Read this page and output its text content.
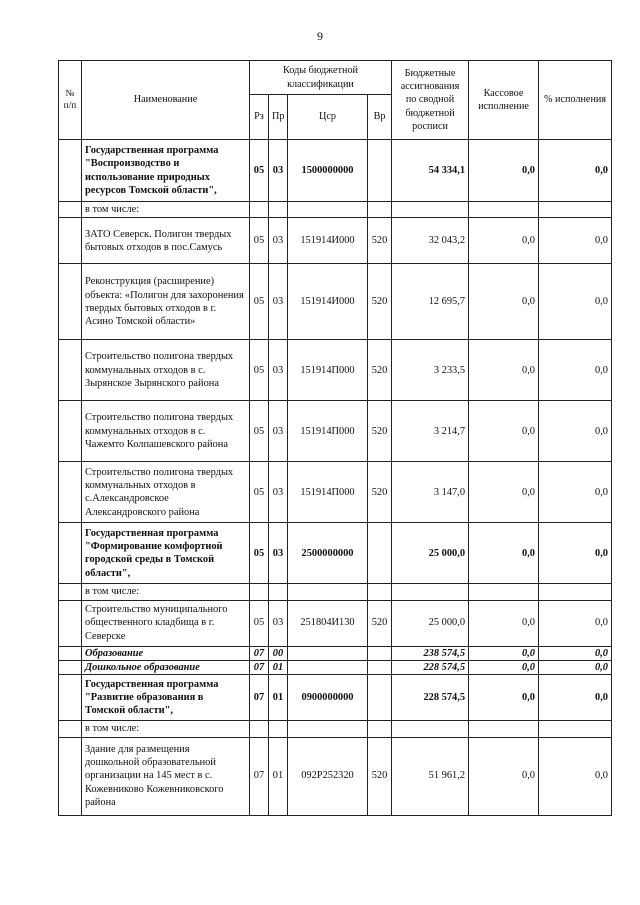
9
№ п/п	Наименование	Коды бюджетной классификации				Бюджетные ассигнования по сводной бюджетной росписи	Кассовое исполнение	% исполнения
		Рз	Пр	Цср	Вр			
	Государственная программа "Воспроизводство и использование природных ресурсов Томской области",	05	03	1500000000		54 334,1	0,0	0,0
	в том числе:							
	ЗАТО Северск. Полигон твердых бытовых отходов в пос.Самусь	05	03	151914И000	520	32 043,2	0,0	0,0
	Реконструкция (расширение) объекта: «Полигон для захоронения твердых бытовых отходов в г. Асино Томской области»	05	03	151914И000	520	12 695,7	0,0	0,0
	Строительство полигона твердых коммунальных отходов в с. Зырянское Зырянского района	05	03	151914П000	520	3 233,5	0,0	0,0
	Строительство полигона твердых коммунальных отходов в с. Чажемто Колпашевского района	05	03	151914П000	520	3 214,7	0,0	0,0
	Строительство полигона твердых коммунальных отходов в с.Александровское Александровского района	05	03	151914П000	520	3 147,0	0,0	0,0
	Государственная программа "Формирование комфортной городской среды в Томской области",	05	03	2500000000		25 000,0	0,0	0,0
	в том числе:							
	Строительство муниципального общественного кладбища в г. Северске	05	03	251804И130	520	25 000,0	0,0	0,0
	Образование	07	00			238 574,5	0,0	0,0
	Дошкольное образование	07	01			228 574,5	0,0	0,0
	Государственная программа "Развитие образования в Томской области",	07	01	0900000000		228 574,5	0,0	0,0
	в том числе:							
	Здание для размещения дошкольной образовательной организации на 145 мест в с. Кожевниково Кожевниковского района	07	01	092P252320	520	51 961,2	0,0	0,0
